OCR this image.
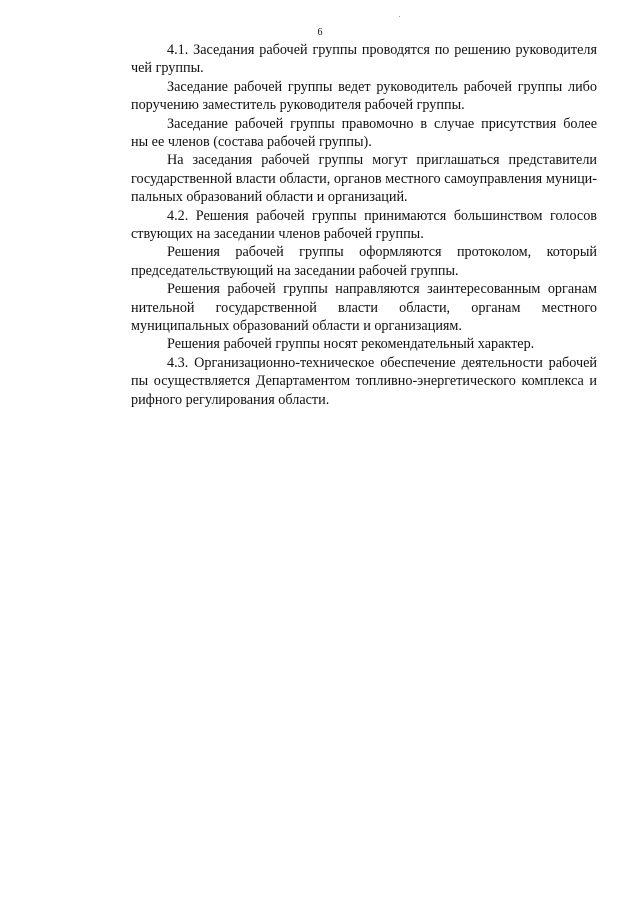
6
4.1. Заседания рабочей группы проводятся по решению руководителя
чей группы.
Заседание рабочей группы ведет руководитель рабочей группы либо
поручению заместитель руководителя рабочей группы.
Заседание рабочей группы правомочно в случае присутствия более
ны ее членов (состава рабочей группы).
На заседания рабочей группы могут приглашаться представители
государственной власти области, органов местного самоуправления муници-
пальных образований области и организаций.
4.2. Решения рабочей группы принимаются большинством голосов
ствующих на заседании членов рабочей группы.
Решения рабочей группы оформляются протоколом, который
председательствующий на заседании рабочей группы.
Решения рабочей группы направляются заинтересованным органам
нительной государственной власти области, органам местного
муниципальных образований области и организациям.
Решения рабочей группы носят рекомендательный характер.
4.3. Организационно-техническое обеспечение деятельности рабочей
пы осуществляется Департаментом топливно-энергетического комплекса и
рифного регулирования области.
